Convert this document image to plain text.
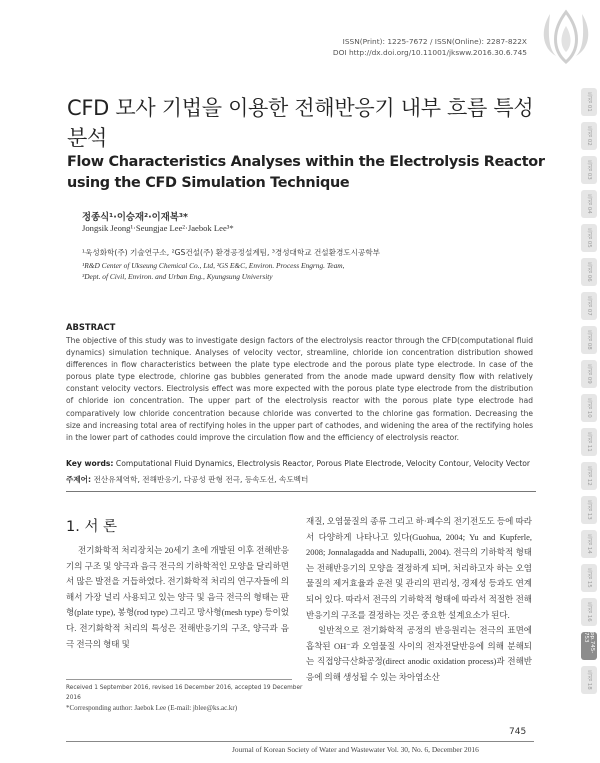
ISSN(Print): 1225-7672 / ISSN(Online): 2287-822X
DOI http://dx.doi.org/10.11001/jksww.2016.30.6.745
특집 01
특집 02
특집 03
특집 04
특집 05
특집 06
특집 07
특집 08
특집 09
특집 10
특집 11
특집 12
특집 13
특집 14
특집 15
특집 16
pp.745-753
특집 18
CFD 모사 기법을 이용한 전해반응기 내부 흐름 특성 분석
Flow Characteristics Analyses within the Electrolysis Reactor using the CFD Simulation Technique
정종식¹·이승재²·이재복³*
Jongsik Jeong¹·Seungjae Lee²·Jaebok Lee³*
¹욱성화학(주) 기술연구소, ²GS건설(주) 환경공정설계팀, ³경성대학교 건설환경도시공학부
¹R&D Center of Ukseung Chemical Co., Ltd, ²GS E&C, Environ. Process Engrng. Team,
³Dept. of Civil, Environ. and Urban Eng., Kyungsung University
ABSTRACT
The objective of this study was to investigate design factors of the electrolysis reactor through the CFD(computational fluid dynamics) simulation technique. Analyses of velocity vector, streamline, chloride ion concentration distribution showed differences in flow characteristics between the plate type electrode and the porous plate type electrode. In case of the porous plate type electrode, chlorine gas bubbles generated from the anode made upward density flow with relatively constant velocity vectors. Electrolysis effect was more expected with the porous plate type electrode from the distribution of chloride ion concentration. The upper part of the electrolysis reactor with the porous plate type electrode had comparatively low chloride concentration because chloride was converted to the chlorine gas formation. Decreasing the size and increasing total area of rectifying holes in the upper part of cathodes, and widening the area of the rectifying holes in the lower part of cathodes could improve the circulation flow and the efficiency of electrolysis reactor.
Key words: Computational Fluid Dynamics, Electrolysis Reactor, Porous Plate Electrode, Velocity Contour, Velocity Vector
주제어: 전산유체역학, 전해반응기, 다공성 판형 전극, 등속도선, 속도벡터
1. 서 론
전기화학적 처리장치는 20세기 초에 개발된 이후 전해반응기의 구조 및 양극과 음극 전극의 기하학적인 모양을 달리하면서 많은 발전을 거듭하였다. 전기화학적 처리의 연구자들에 의해서 가장 널리 사용되고 있는 양극 및 음극 전극의 형태는 판형(plate type), 봉형(rod type) 그리고 망사형(mesh type) 등이었다. 전기화학적 처리의 특성은 전해반응기의 구조, 양극과 음극 전극의 형태 및

재질, 오염물질의 종류 그리고 하·폐수의 전기전도도 등에 따라서 다양하게 나타나고 있다(Guohua, 2004; Yu and Kupferle, 2008; Jonnalagadda and Nadupalli, 2004). 전극의 기하학적 형태는 전해반응기의 모양을 결정하게 되며, 처리하고자 하는 오염물질의 제거효율과 운전 및 관리의 편리성, 경제성 등과도 연계되어 있다. 따라서 전극의 기하학적 형태에 따라서 적절한 전해반응기의 구조를 결정하는 것은 중요한 설계요소가 된다.

일반적으로 전기화학적 공정의 반응원리는 전극의 표면에 흡착된 OH⁻과 오염물질 사이의 전자전달반응에 의해 분해되는 직접양극산화공정(direct anodic oxidation process)과 전해반응에 의해 생성될 수 있는 차아염소산

Received 1 September 2016, revised 16 December 2016, accepted 19 December 2016
*Corresponding author: Jaebok Lee (E-mail: jblee@ks.ac.kr)
745
Journal of Korean Society of Water and Wastewater Vol. 30, No. 6, December 2016
